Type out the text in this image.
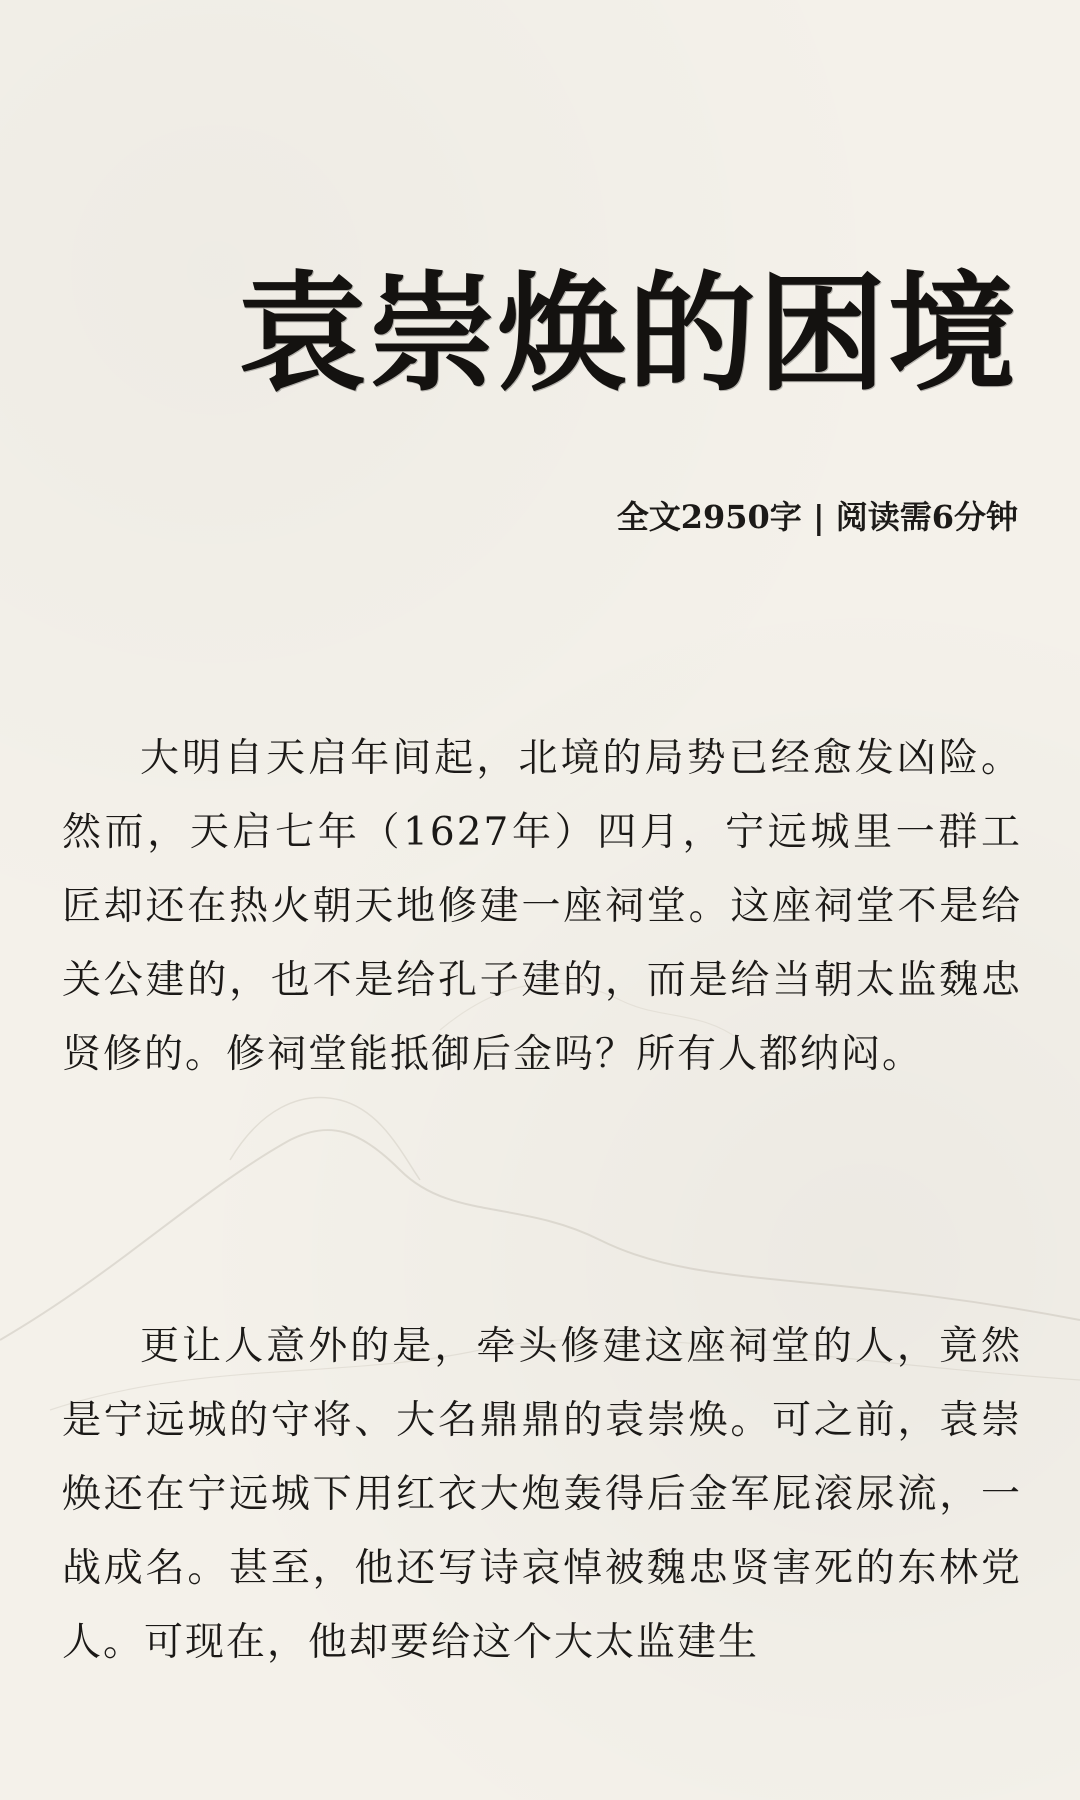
袁崇焕的困境
全文2950字 | 阅读需6分钟

大明自天启年间起，北境的局势已经愈发凶险。然而，天启七年（1627年）四月，宁远城里一群工匠却还在热火朝天地修建一座祠堂。这座祠堂不是给关公建的，也不是给孔子建的，而是给当朝太监魏忠贤修的。修祠堂能抵御后金吗？所有人都纳闷。

更让人意外的是，牵头修建这座祠堂的人，竟然是宁远城的守将、大名鼎鼎的袁崇焕。可之前，袁崇焕还在宁远城下用红衣大炮轰得后金军屁滚尿流，一战成名。甚至，他还写诗哀悼被魏忠贤害死的东林党人。可现在，他却要给这个大太监建生
